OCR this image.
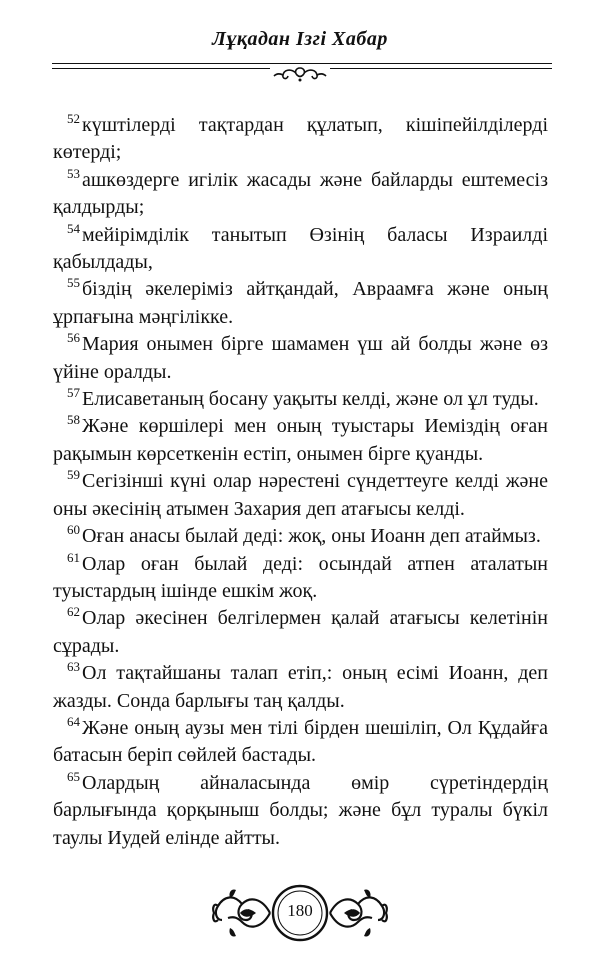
Лұқадан Ізгі Хабар

$^{52}$ күштілерді тақтардан құлатып, кішіпейілділерді көтерді;

$^{53}$ ашкөздерге игілік жасады және байларды ештемесіз қалдырды;

$^{54}$ мейірімділік танытып Өзінің баласы Израилді қабылдады,

$^{55}$ біздің әкелеріміз айтқандай, Авраамға және оның ұрпағына мәңгілікке.

$^{56}$ Мария онымен бірге шамамен үш ай болды және өз үйіне оралды.

$^{57}$ Елисаветаның босану уақыты келді, және ол ұл туды.

$^{58}$ Және көршілері мен оның туыстары Иемiздiң оған рақымын көрсеткенін естіп, онымен бірге қуанды.

$^{59}$ Сегізінші күні олар нәрестені сүндеттеуге келді және оны әкесінің атымен Захария деп атағысы келді.

$^{60}$ Оған анасы былай деді: жоқ, оны Иоанн деп атаймыз.

$^{61}$ Олар оған былай деді: осындай атпен аталатын туыстардың ішінде ешкім жоқ.

$^{62}$ Олар әкесінен белгілермен қалай атағысы келетінін сұрады.

$^{63}$ Ол тақтайшаны талап етіп,: оның есімі Иоанн, деп жазды. Сонда барлығы таң қалды.

$^{64}$ Және оның аузы мен тілі бірден шешіліп, Ол Құдайға батасын беріп сөйлей бастады.

$^{65}$ Олардың айналасында өмір сүретіндердің барлығында қорқыныш болды; және бұл туралы бүкіл таулы Иудей елінде айтты.

180
